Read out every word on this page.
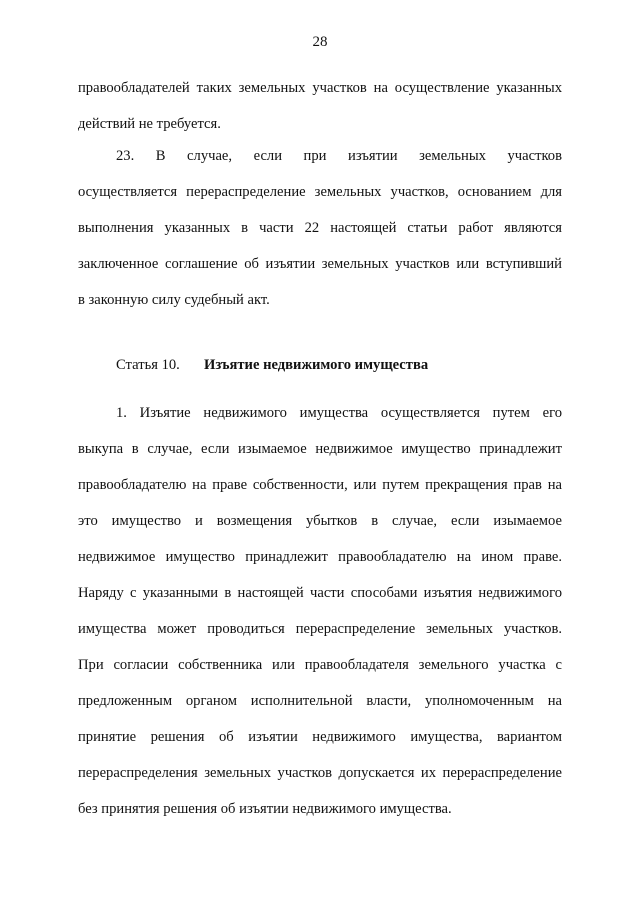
28
правообладателей таких земельных участков на осуществление указанных
действий не требуется.
23. В случае, если при изъятии земельных участков
осуществляется перераспределение земельных участков, основанием для
выполнения указанных в части 22 настоящей статьи работ являются
заключенное соглашение об изъятии земельных участков или вступивший
в законную силу судебный акт.
Статья 10. Изъятие недвижимого имущества
1. Изъятие недвижимого имущества осуществляется путем его
выкупа в случае, если изымаемое недвижимое имущество принадлежит
правообладателю на праве собственности, или путем прекращения прав на
это имущество и возмещения убытков в случае, если изымаемое
недвижимое имущество принадлежит правообладателю на ином праве.
Наряду с указанными в настоящей части способами изъятия недвижимого
имущества может проводиться перераспределение земельных участков.
При согласии собственника или правообладателя земельного участка с
предложенным органом исполнительной власти, уполномоченным на
принятие решения об изъятии недвижимого имущества, вариантом
перераспределения земельных участков допускается их перераспределение
без принятия решения об изъятии недвижимого имущества.
